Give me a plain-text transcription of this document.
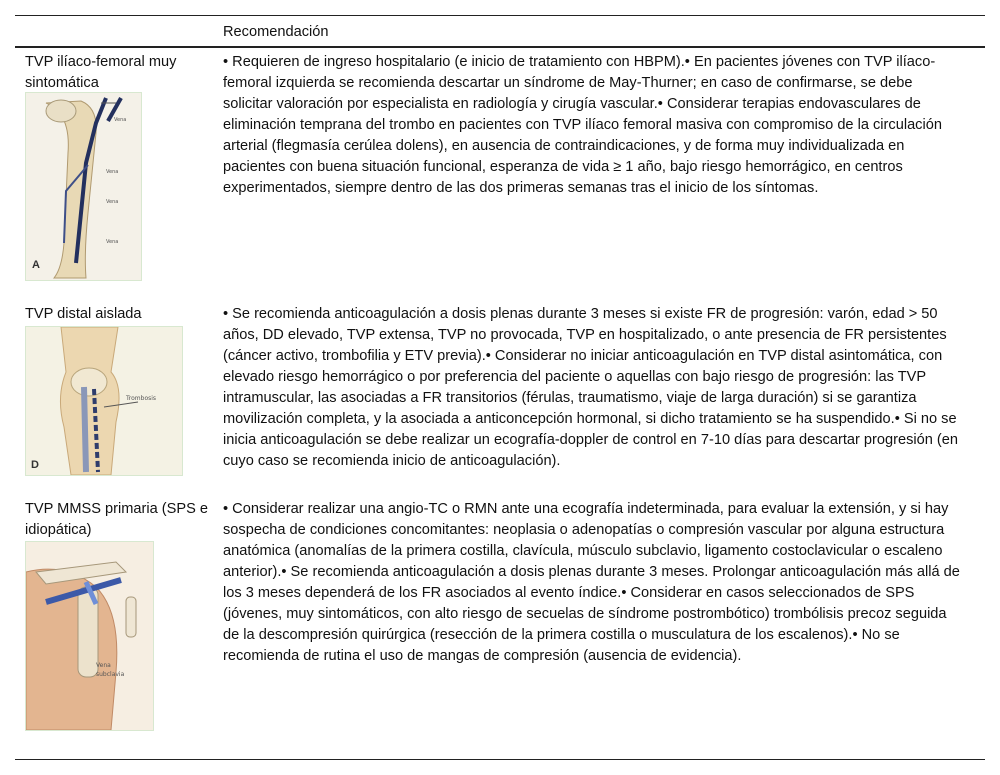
Recomendación
TVP ilíaco-femoral muy sintomática
• Requieren de ingreso hospitalario (e inicio de tratamiento con HBPM).• En pacientes jóvenes con TVP ilíaco-femoral izquierda se recomienda descartar un síndrome de May-Thurner; en caso de confirmarse, se debe solicitar valoración por especialista en radiología y cirugía vascular.• Considerar terapias endovasculares de eliminación temprana del trombo en pacientes con TVP ilíaco femoral masiva con compromiso de la circulación arterial (flegmasía cerúlea dolens), en ausencia de contraindicaciones, y de forma muy individualizada en pacientes con buena situación funcional, esperanza de vida ≥ 1 año, bajo riesgo hemorrágico, en centros experimentados, siempre dentro de las dos primeras semanas tras el inicio de los síntomas.
Vena
Vena
Vena
Vena
A
TVP distal aislada	• Se recomienda anticoagulación a dosis plenas durante 3 meses si existe FR de progresión: varón, edad > 50 años, DD elevado, TVP extensa, TVP no provocada, TVP en hospitalizado, o ante presencia de FR persistentes (cáncer activo, trombofilia y ETV previa).• Considerar no iniciar anticoagulación en TVP distal asintomática, con elevado riesgo hemorrágico o por preferencia del paciente o aquellas con bajo riesgo de progresión: las TVP intramuscular, las asociadas a FR transitorios (férulas, traumatismo, viaje de larga duración) si se garantiza movilización completa, y la asociada a anticoncepción hormonal, si dicho tratamiento se ha suspendido.• Si no se inicia anticoagulación se debe realizar un ecografía-doppler de control en 7-10 días para descartar progresión (en cuyo caso se recomienda inicio de anticoagulación).
Trombosis
D
TVP MMSS primaria (SPS e idiopática)
• Considerar realizar una angio-TC o RMN ante una ecografía indeterminada, para evaluar la extensión, y si hay sospecha de condiciones concomitantes: neoplasia o adenopatías o compresión vascular por alguna estructura anatómica (anomalías de la primera costilla, clavícula, músculo subclavio, ligamento costoclavicular o escaleno anterior).• Se recomienda anticoagulación a dosis plenas durante 3 meses. Prolongar anticoagulación más allá de los 3 meses dependerá de los FR asociados al evento índice.• Considerar en casos seleccionados de SPS (jóvenes, muy sintomáticos, con alto riesgo de secuelas de síndrome postrombótico) trombólisis precoz seguida de la descompresión quirúrgica (resección de la primera costilla o musculatura de los escalenos).• No se recomienda de rutina el uso de mangas de compresión (ausencia de evidencia).
Vena
subclavia
